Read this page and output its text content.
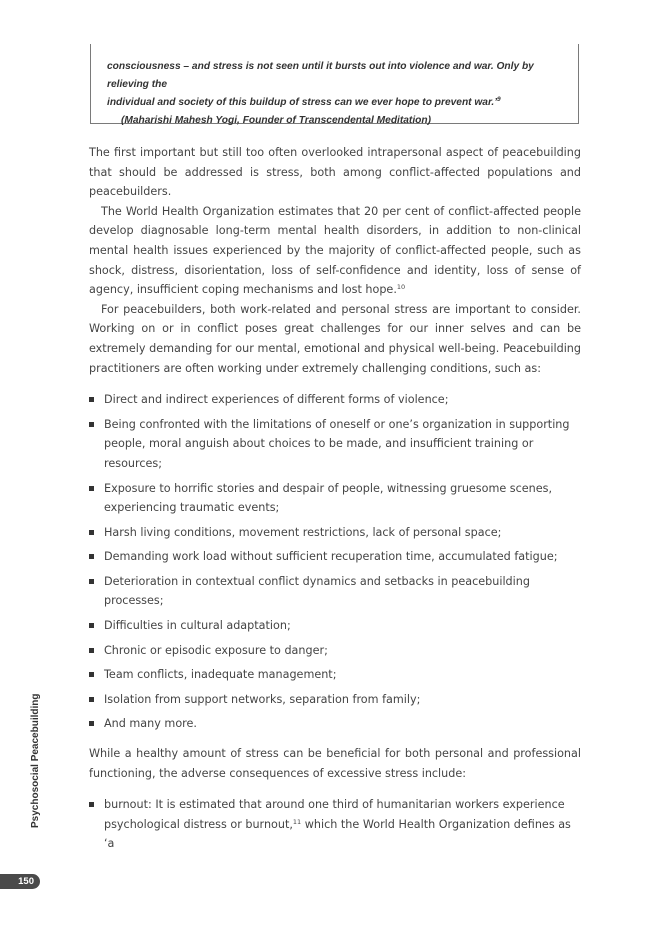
consciousness – and stress is not seen until it bursts out into violence and war. Only by relieving the
individual and society of this buildup of stress can we ever hope to prevent war.’$^9$
(Maharishi Mahesh Yogi, Founder of Transcendental Meditation)

The first important but still too often overlooked intrapersonal aspect of peacebuilding that should be addressed is stress, both among conflict-affected populations and peacebuilders.

The World Health Organization estimates that 20 per cent of conflict-affected people develop diagnosable long-term mental health disorders, in addition to non-clinical mental health issues experienced by the majority of conflict-affected people, such as shock, distress, disorientation, loss of self-confidence and identity, loss of sense of agency, insufficient coping mechanisms and lost hope.$^{10}$

For peacebuilders, both work-related and personal stress are important to consider. Working on or in conflict poses great challenges for our inner selves and can be extremely demanding for our mental, emotional and physical well-being. Peacebuilding practitioners are often working under extremely challenging conditions, such as:

Direct and indirect experiences of different forms of violence;
Being confronted with the limitations of oneself or one’s organization in supporting people, moral anguish about choices to be made, and insufficient training or resources;
Exposure to horrific stories and despair of people, witnessing gruesome scenes, experiencing traumatic events;
Harsh living conditions, movement restrictions, lack of personal space;
Demanding work load without sufficient recuperation time, accumulated fatigue;
Deterioration in contextual conflict dynamics and setbacks in peacebuilding processes;
Difficulties in cultural adaptation;
Chronic or episodic exposure to danger;
Team conflicts, inadequate management;
Isolation from support networks, separation from family;
And many more.

While a healthy amount of stress can be beneficial for both personal and professional functioning, the adverse consequences of excessive stress include:

burnout: It is estimated that around one third of humanitarian workers experience psychological distress or burnout,$^{11}$ which the World Health Organization defines as ‘a
Psychosocial Peacebuilding
150
